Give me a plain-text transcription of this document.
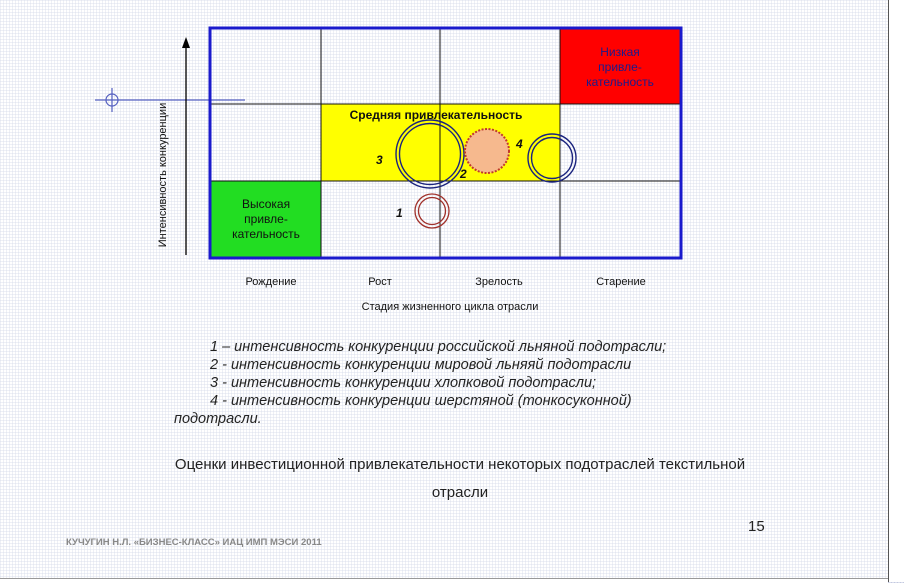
1
2
3
4
Средняя привлекательность
Низкая
привле-
кательность
Высокая
привле-
кательность
Интенсивность конкуренции
Рождение	Рост	Зрелость	Старение
Стадия жизненного цикла отрасли
1 – интенсивность конкуренции российской льняной подотрасли;
2 - интенсивность конкуренции мировой льняяй подотрасли
3 - интенсивность конкуренции хлопковой подотрасли;
4 - интенсивность конкуренции шерстяной (тонкосуконной)
подотрасли.
Оценки инвестиционной привлекательности некоторых подотраслей текстильной
отрасли
КУЧУГИН Н.Л. «БИЗНЕС-КЛАСС» ИАЦ ИМП МЭСИ 2011
15
